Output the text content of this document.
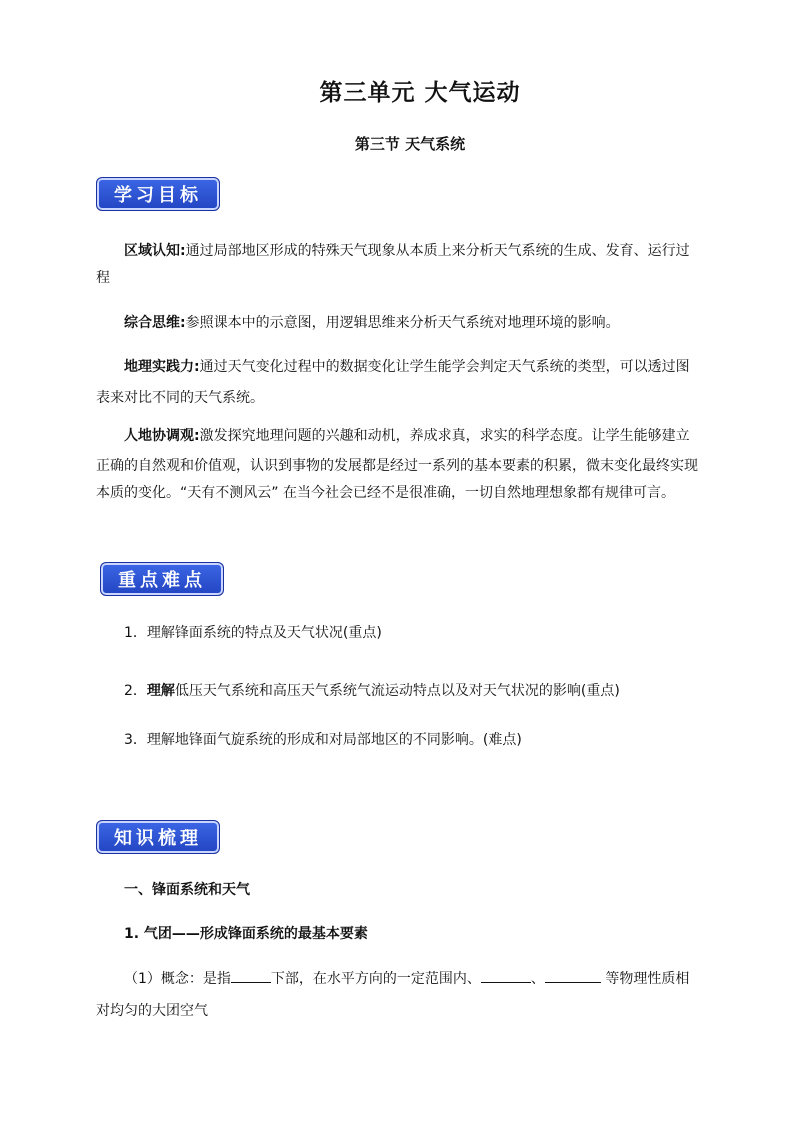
第三单元 大气运动
第三节 天气系统
学习目标
区域认知:通过局部地区形成的特殊天气现象从本质上来分析天气系统的生成、发育、运行过
程
综合思维:参照课本中的示意图，用逻辑思维来分析天气系统对地理环境的影响。
地理实践力:通过天气变化过程中的数据变化让学生能学会判定天气系统的类型，可以透过图
表来对比不同的天气系统。
人地协调观:激发探究地理问题的兴趣和动机，养成求真，求实的科学态度。让学生能够建立
正确的自然观和价值观，认识到事物的发展都是经过一系列的基本要素的积累，微末变化最终实现
本质的变化。“天有不测风云” 在当今社会已经不是很准确，一切自然地理想象都有规律可言。
重点难点
1．理解锋面系统的特点及天气状况(重点)
2．理解低压天气系统和高压天气系统气流运动特点以及对天气状况的影响(重点)
3．理解地锋面气旋系统的形成和对局部地区的不同影响。(难点)
知识梳理
一、锋面系统和天气
1. 气团——形成锋面系统的最基本要素
（1）概念：是指	下部，在水平方向的一定范围内、	、	等物理性质相
对均匀的大团空气
